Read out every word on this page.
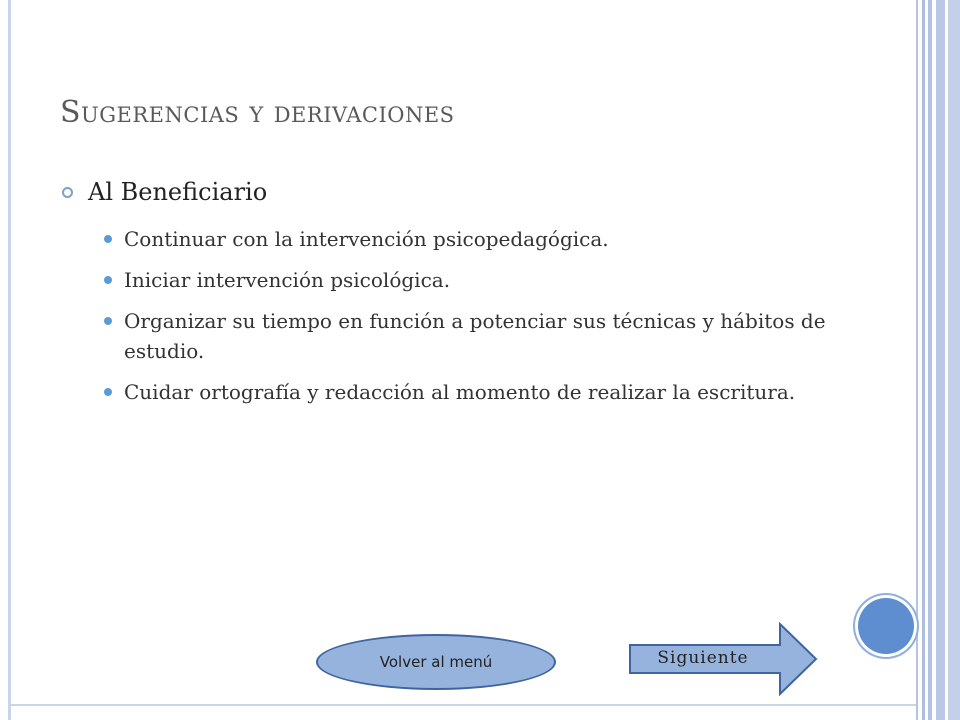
Sugerencias y derivaciones
Al Beneficiario
Continuar con la intervención psicopedagógica.
Iniciar intervención psicológica.
Organizar su tiempo en función a potenciar sus técnicas y hábitos de estudio.
Cuidar ortografía y redacción al momento de realizar la escritura.
Volver al menú	Siguiente
